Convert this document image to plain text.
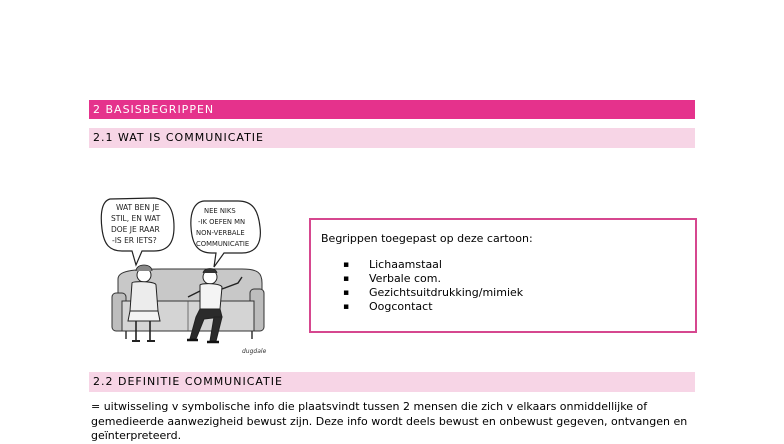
2 BASISBEGRIPPEN
2.1 WAT IS COMMUNICATIE
WAT BEN JE STIL, EN WAT DOE JE RAAR -IS ER IETS?
NEE NIKS -IK OEFEN MN NON-VERBALE COMMUNICATIE
dugdale
Begrippen toegepast op deze cartoon:
▪ Lichaamstaal
▪ Verbale com.
▪ Gezichtsuitdrukking/mimiek
▪ Oogcontact
2.2 DEFINITIE COMMUNICATIE
= uitwisseling v symbolische info die plaatsvindt tussen 2 mensen die zich v elkaars onmiddellijke of gemedieerde aanwezigheid bewust zijn. Deze info wordt deels bewust en onbewust gegeven, ontvangen en geïnterpreteerd.
